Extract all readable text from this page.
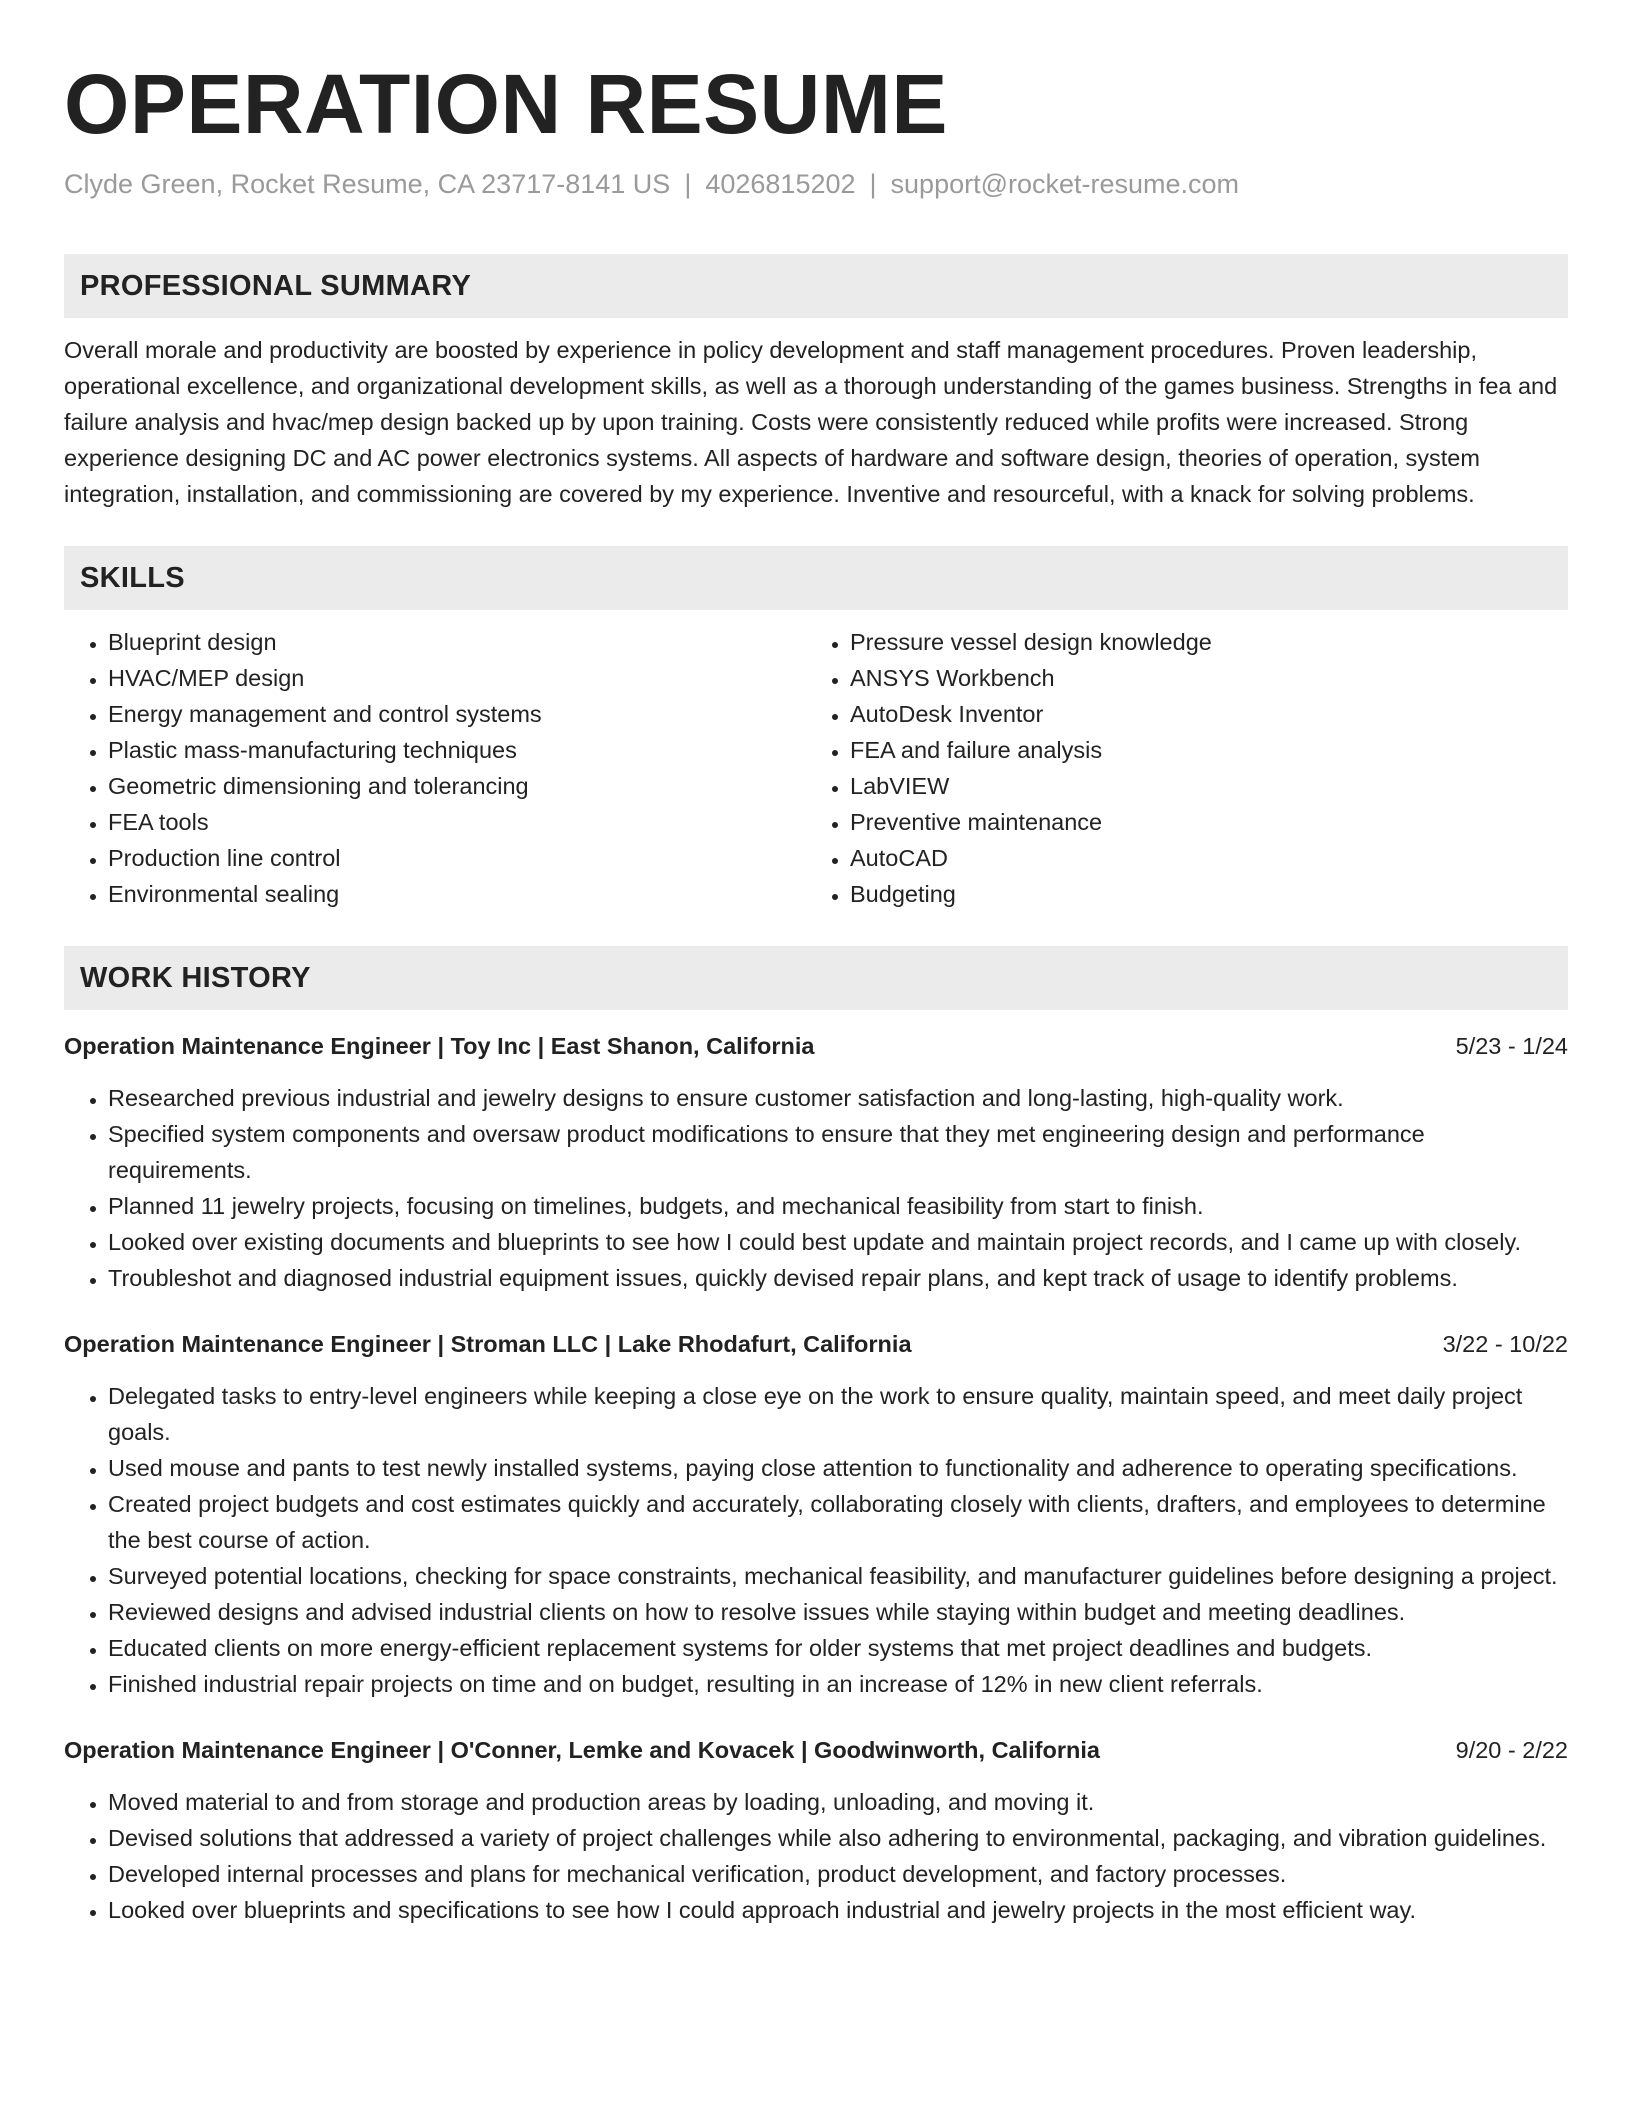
OPERATION RESUME
Clyde Green, Rocket Resume, CA 23717-8141 US | 4026815202 | support@rocket-resume.com
PROFESSIONAL SUMMARY

Overall morale and productivity are boosted by experience in policy development and staff management procedures. Proven leadership, operational excellence, and organizational development skills, as well as a thorough understanding of the games business. Strengths in fea and failure analysis and hvac/mep design backed up by upon training. Costs were consistently reduced while profits were increased. Strong experience designing DC and AC power electronics systems. All aspects of hardware and software design, theories of operation, system integration, installation, and commissioning are covered by my experience. Inventive and resourceful, with a knack for solving problems.

SKILLS
• Blueprint design
• HVAC/MEP design
• Energy management and control systems
• Plastic mass-manufacturing techniques
• Geometric dimensioning and tolerancing
• FEA tools
• Production line control
• Environmental sealing
• Pressure vessel design knowledge
• ANSYS Workbench
• AutoDesk Inventor
• FEA and failure analysis
• LabVIEW
• Preventive maintenance
• AutoCAD
• Budgeting
WORK HISTORY
Operation Maintenance Engineer | Toy Inc | East Shanon, California	5/23 - 1/24
• Researched previous industrial and jewelry designs to ensure customer satisfaction and long-lasting, high-quality work.
• Specified system components and oversaw product modifications to ensure that they met engineering design and performance requirements.
• Planned 11 jewelry projects, focusing on timelines, budgets, and mechanical feasibility from start to finish.
• Looked over existing documents and blueprints to see how I could best update and maintain project records, and I came up with closely.
• Troubleshot and diagnosed industrial equipment issues, quickly devised repair plans, and kept track of usage to identify problems.
Operation Maintenance Engineer | Stroman LLC | Lake Rhodafurt, California	3/22 - 10/22
• Delegated tasks to entry-level engineers while keeping a close eye on the work to ensure quality, maintain speed, and meet daily project goals.
• Used mouse and pants to test newly installed systems, paying close attention to functionality and adherence to operating specifications.
• Created project budgets and cost estimates quickly and accurately, collaborating closely with clients, drafters, and employees to determine the best course of action.
• Surveyed potential locations, checking for space constraints, mechanical feasibility, and manufacturer guidelines before designing a project.
• Reviewed designs and advised industrial clients on how to resolve issues while staying within budget and meeting deadlines.
• Educated clients on more energy-efficient replacement systems for older systems that met project deadlines and budgets.
• Finished industrial repair projects on time and on budget, resulting in an increase of 12% in new client referrals.
Operation Maintenance Engineer | O'Conner, Lemke and Kovacek | Goodwinworth, California	9/20 - 2/22
• Moved material to and from storage and production areas by loading, unloading, and moving it.
• Devised solutions that addressed a variety of project challenges while also adhering to environmental, packaging, and vibration guidelines.
• Developed internal processes and plans for mechanical verification, product development, and factory processes.
• Looked over blueprints and specifications to see how I could approach industrial and jewelry projects in the most efficient way.
